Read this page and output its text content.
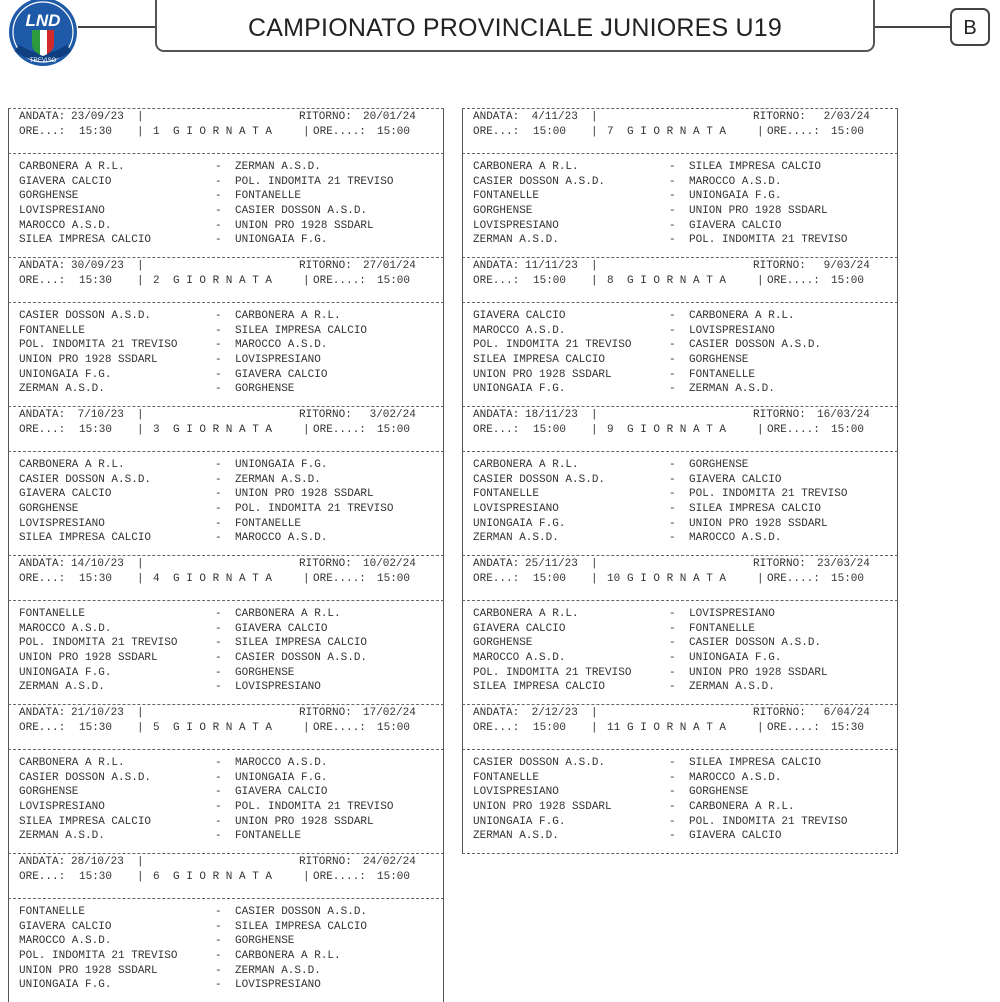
LND
TREVISO
CAMPIONATO PROVINCIALE JUNIORES U19	B
ANDATA: 23/09/23 |	RITORNO: 20/01/24
ORE...: 15:30 | 1 G I O R N A T A	| ORE....: 15:00
CARBONERA A R.L.	- ZERMAN A.S.D.
GIAVERA CALCIO	- POL. INDOMITA 21 TREVISO
GORGHENSE	- FONTANELLE
LOVISPRESIANO	- CASIER DOSSON A.S.D.
MAROCCO A.S.D.	- UNION PRO 1928 SSDARL
SILEA IMPRESA CALCIO	- UNIONGAIA F.G.
ANDATA: 30/09/23 |	RITORNO: 27/01/24
ORE...: 15:30 | 2 G I O R N A T A	| ORE....: 15:00
CASIER DOSSON A.S.D.	- CARBONERA A R.L.
FONTANELLE	- SILEA IMPRESA CALCIO
POL. INDOMITA 21 TREVISO	- MAROCCO A.S.D.
UNION PRO 1928 SSDARL	- LOVISPRESIANO
UNIONGAIA F.G.	- GIAVERA CALCIO
ZERMAN A.S.D.	- GORGHENSE
ANDATA: 7/10/23 |	RITORNO: 3/02/24
ORE...: 15:30 | 3 G I O R N A T A	| ORE....: 15:00
CARBONERA A R.L.	- UNIONGAIA F.G.
CASIER DOSSON A.S.D.	- ZERMAN A.S.D.
GIAVERA CALCIO	- UNION PRO 1928 SSDARL
GORGHENSE	- POL. INDOMITA 21 TREVISO
LOVISPRESIANO	- FONTANELLE
SILEA IMPRESA CALCIO	- MAROCCO A.S.D.
ANDATA: 14/10/23 |	RITORNO: 10/02/24
ORE...: 15:30 | 4 G I O R N A T A	| ORE....: 15:00
FONTANELLE	- CARBONERA A R.L.
MAROCCO A.S.D.	- GIAVERA CALCIO
POL. INDOMITA 21 TREVISO	- SILEA IMPRESA CALCIO
UNION PRO 1928 SSDARL	- CASIER DOSSON A.S.D.
UNIONGAIA F.G.	- GORGHENSE
ZERMAN A.S.D.	- LOVISPRESIANO
ANDATA: 21/10/23 |	RITORNO: 17/02/24
ORE...: 15:30 | 5 G I O R N A T A	| ORE....: 15:00
CARBONERA A R.L.	- MAROCCO A.S.D.
CASIER DOSSON A.S.D.	- UNIONGAIA F.G.
GORGHENSE	- GIAVERA CALCIO
LOVISPRESIANO	- POL. INDOMITA 21 TREVISO
SILEA IMPRESA CALCIO	- UNION PRO 1928 SSDARL
ZERMAN A.S.D.	- FONTANELLE
ANDATA: 28/10/23 |	RITORNO: 24/02/24
ORE...: 15:30 | 6 G I O R N A T A	| ORE....: 15:00
FONTANELLE	- CASIER DOSSON A.S.D.
GIAVERA CALCIO	- SILEA IMPRESA CALCIO
MAROCCO A.S.D.	- GORGHENSE
POL. INDOMITA 21 TREVISO	- CARBONERA A R.L.
UNION PRO 1928 SSDARL	- ZERMAN A.S.D.
UNIONGAIA F.G.	- LOVISPRESIANO
ANDATA: 4/11/23 |	RITORNO: 2/03/24
ORE...: 15:00 | 7 G I O R N A T A	| ORE....: 15:00
CARBONERA A R.L.	- SILEA IMPRESA CALCIO
CASIER DOSSON A.S.D.	- MAROCCO A.S.D.
FONTANELLE	- UNIONGAIA F.G.
GORGHENSE	- UNION PRO 1928 SSDARL
LOVISPRESIANO	- GIAVERA CALCIO
ZERMAN A.S.D.	- POL. INDOMITA 21 TREVISO
ANDATA: 11/11/23 |	RITORNO: 9/03/24
ORE...: 15:00 | 8 G I O R N A T A	| ORE....: 15:00
GIAVERA CALCIO	- CARBONERA A R.L.
MAROCCO A.S.D.	- LOVISPRESIANO
POL. INDOMITA 21 TREVISO	- CASIER DOSSON A.S.D.
SILEA IMPRESA CALCIO	- GORGHENSE
UNION PRO 1928 SSDARL	- FONTANELLE
UNIONGAIA F.G.	- ZERMAN A.S.D.
ANDATA: 18/11/23 |	RITORNO: 16/03/24
ORE...: 15:00 | 9 G I O R N A T A	| ORE....: 15:00
CARBONERA A R.L.	- GORGHENSE
CASIER DOSSON A.S.D.	- GIAVERA CALCIO
FONTANELLE	- POL. INDOMITA 21 TREVISO
LOVISPRESIANO	- SILEA IMPRESA CALCIO
UNIONGAIA F.G.	- UNION PRO 1928 SSDARL
ZERMAN A.S.D.	- MAROCCO A.S.D.
ANDATA: 25/11/23 |	RITORNO: 23/03/24
ORE...: 15:00 | 10 G I O R N A T A	| ORE....: 15:00
CARBONERA A R.L.	- LOVISPRESIANO
GIAVERA CALCIO	- FONTANELLE
GORGHENSE	- CASIER DOSSON A.S.D.
MAROCCO A.S.D.	- UNIONGAIA F.G.
POL. INDOMITA 21 TREVISO	- UNION PRO 1928 SSDARL
SILEA IMPRESA CALCIO	- ZERMAN A.S.D.
ANDATA: 2/12/23 |	RITORNO: 6/04/24
ORE...: 15:00 | 11 G I O R N A T A	| ORE....: 15:30
CASIER DOSSON A.S.D.	- SILEA IMPRESA CALCIO
FONTANELLE	- MAROCCO A.S.D.
LOVISPRESIANO	- GORGHENSE
UNION PRO 1928 SSDARL	- CARBONERA A R.L.
UNIONGAIA F.G.	- POL. INDOMITA 21 TREVISO
ZERMAN A.S.D.	- GIAVERA CALCIO
